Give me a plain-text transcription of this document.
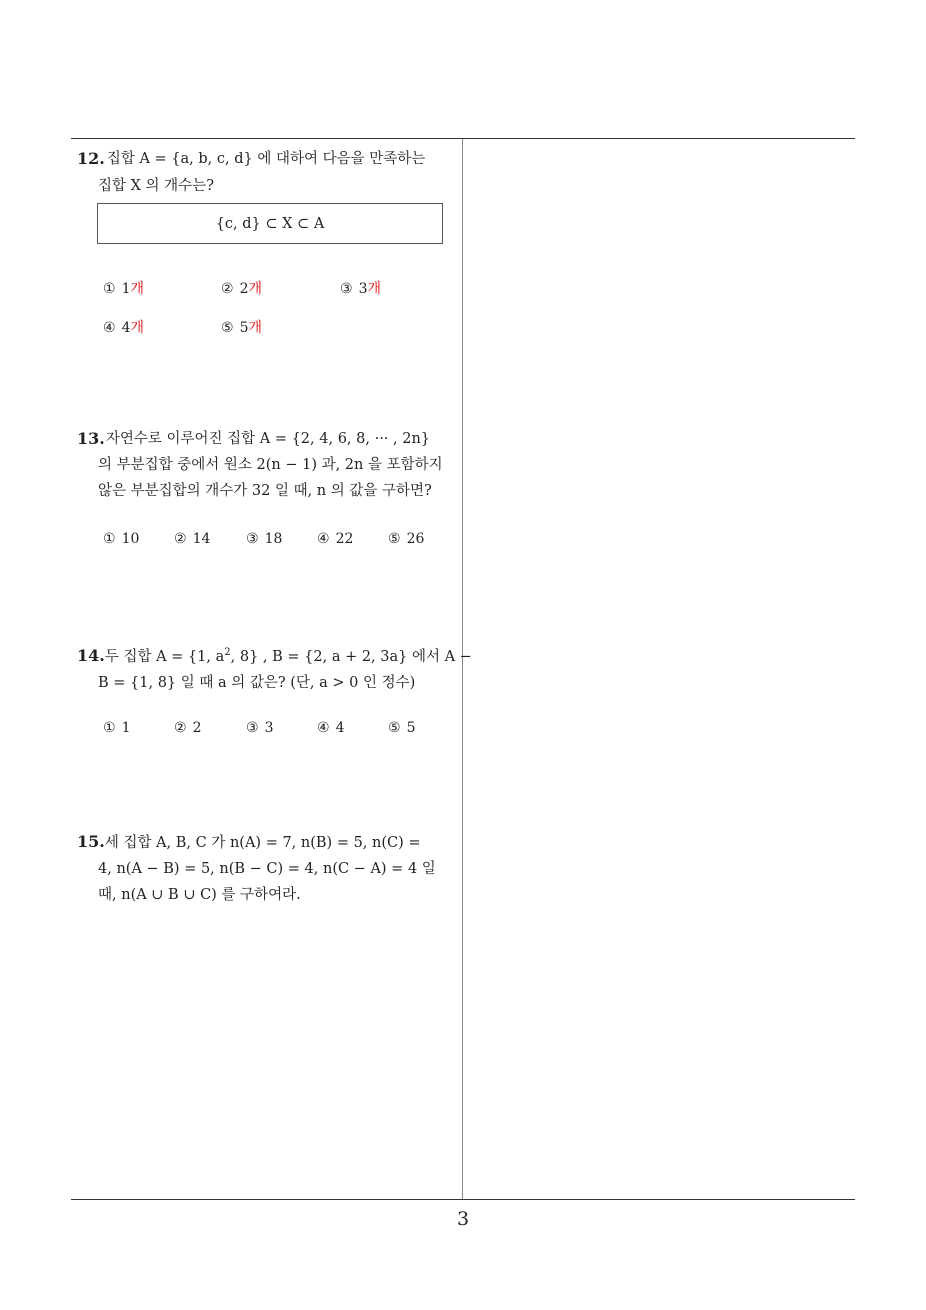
12. 집합 A = {a, b, c, d} 에 대하여 다음을 만족하는
집합 X 의 개수는?
{c, d} ⊂ X ⊂ A
① 1개	② 2개	③ 3개
④ 4개	⑤ 5개
13. 자연수로 이루어진 집합 A = {2, 4, 6, 8, ··· , 2n}
의 부분집합 중에서 원소 2(n − 1) 과, 2n 을 포함하지
않은 부분집합의 개수가 32 일 때, n 의 값을 구하면?
① 10 ② 14	③ 18 ④ 22 ⑤ 26
14.두 집합 A = {1, $a^2$, 8} , B = {2, a + 2, 3a} 에서 A −
B = {1, 8} 일 때 a 의 값은? (단, a > 0 인 정수)
① 1	② 2	③ 3	④ 4	⑤ 5
15.세 집합 A, B, C 가 n(A) = 7, n(B) = 5, n(C) =
4, n(A − B) = 5, n(B − C) = 4, n(C − A) = 4 일
때, n(A ∪ B ∪ C) 를 구하여라.
3
